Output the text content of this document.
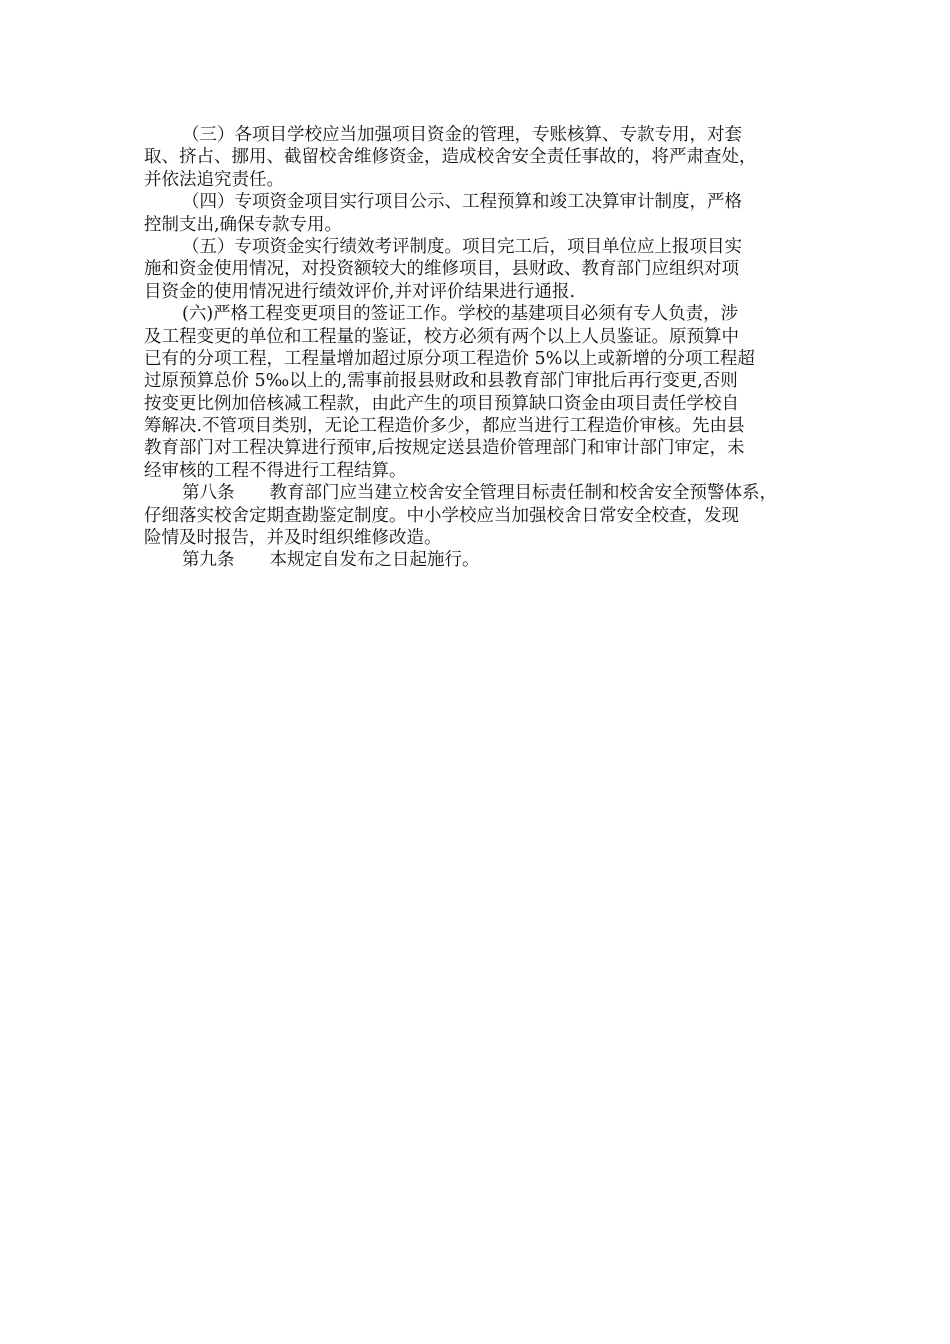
（三）各项目学校应当加强项目资金的管理，专账核算、专款专用，对套
取、挤占、挪用、截留校舍维修资金，造成校舍安全责任事故的，将严肃查处，
并依法追究责任。
（四）专项资金项目实行项目公示、工程预算和竣工决算审计制度，严格
控制支出,确保专款专用。
（五）专项资金实行绩效考评制度。项目完工后，项目单位应上报项目实
施和资金使用情况，对投资额较大的维修项目，县财政、教育部门应组织对项
目资金的使用情况进行绩效评价,并对评价结果进行通报.
(六)严格工程变更项目的签证工作。学校的基建项目必须有专人负责，涉
及工程变更的单位和工程量的鉴证，校方必须有两个以上人员鉴证。原预算中
已有的分项工程，工程量增加超过原分项工程造价 5%以上或新增的分项工程超
过原预算总价 5‰以上的,需事前报县财政和县教育部门审批后再行变更,否则
按变更比例加倍核减工程款，由此产生的项目预算缺口资金由项目责任学校自
筹解决.不管项目类别，无论工程造价多少，都应当进行工程造价审核。先由县
教育部门对工程决算进行预审,后按规定送县造价管理部门和审计部门审定，未
经审核的工程不得进行工程结算。
第八条　　教育部门应当建立校舍安全管理目标责任制和校舍安全预警体系，
仔细落实校舍定期查勘鉴定制度。中小学校应当加强校舍日常安全校查，发现
险情及时报告，并及时组织维修改造。
第九条　　本规定自发布之日起施行。
